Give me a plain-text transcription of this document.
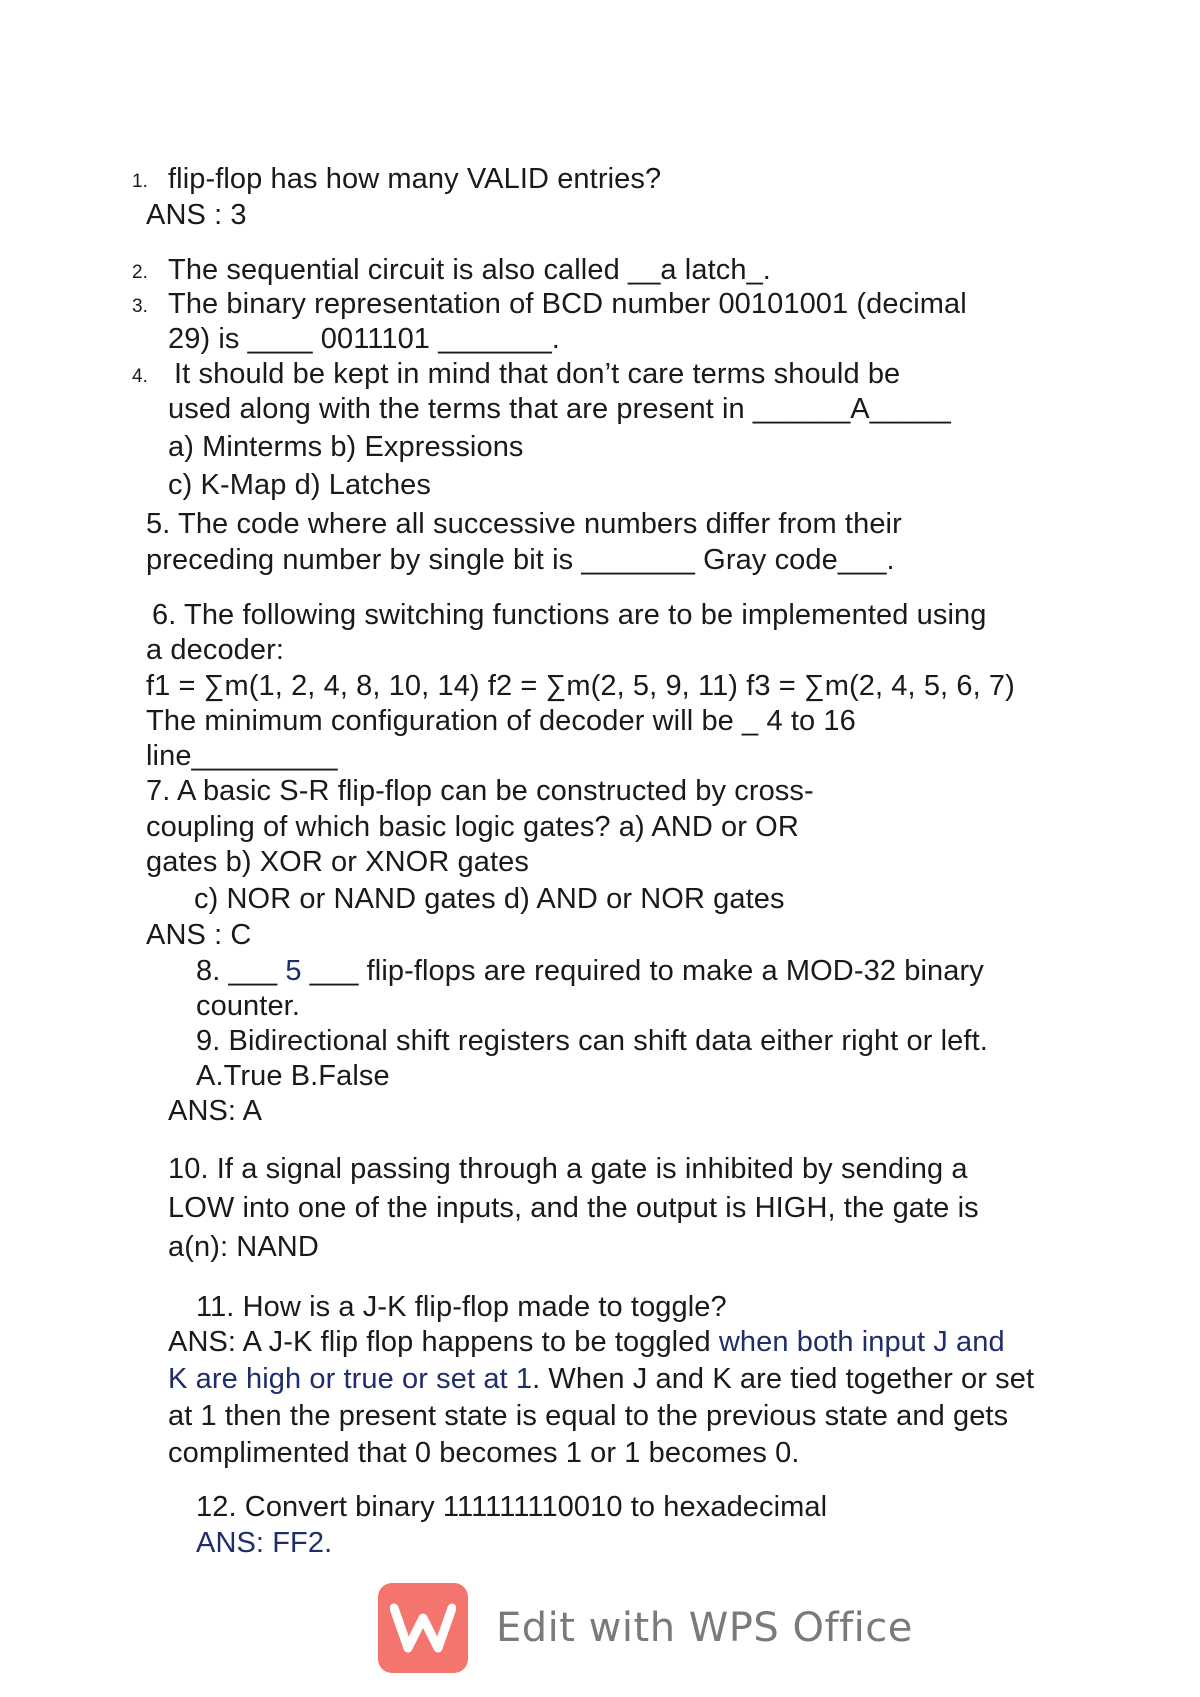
1. flip-flop has how many VALID entries?
ANS : 3
2. The sequential circuit is also called __a latch_.
3. The binary representation of BCD number 00101001 (decimal
29) is ____ 0011101 _______.
4. It should be kept in mind that don’t care terms should be
used along with the terms that are present in ______A_____
a) Minterms b) Expressions
c) K-Map d) Latches
5. The code where all successive numbers differ from their
preceding number by single bit is _______ Gray code___.
6. The following switching functions are to be implemented using
a decoder:
f1 = ∑m(1, 2, 4, 8, 10, 14) f2 = ∑m(2, 5, 9, 11) f3 = ∑m(2, 4, 5, 6, 7)
The minimum configuration of decoder will be _ 4 to 16
line_________
7. A basic S-R flip-flop can be constructed by cross-
coupling of which basic logic gates? a) AND or OR
gates b) XOR or XNOR gates
c) NOR or NAND gates d) AND or NOR gates
ANS : C
8. ___ 5 ___ flip-flops are required to make a MOD-32 binary
counter.
9. Bidirectional shift registers can shift data either right or left.
A.True B.False
ANS: A
10. If a signal passing through a gate is inhibited by sending a
LOW into one of the inputs, and the output is HIGH, the gate is
a(n): NAND
11. How is a J-K flip-flop made to toggle?
ANS: A J-K flip flop happens to be toggled when both input J and
K are high or true or set at 1. When J and K are tied together or set
at 1 then the present state is equal to the previous state and gets
complimented that 0 becomes 1 or 1 becomes 0.
12. Convert binary 111111110010 to hexadecimal
ANS: FF2.
Edit with WPS Office
